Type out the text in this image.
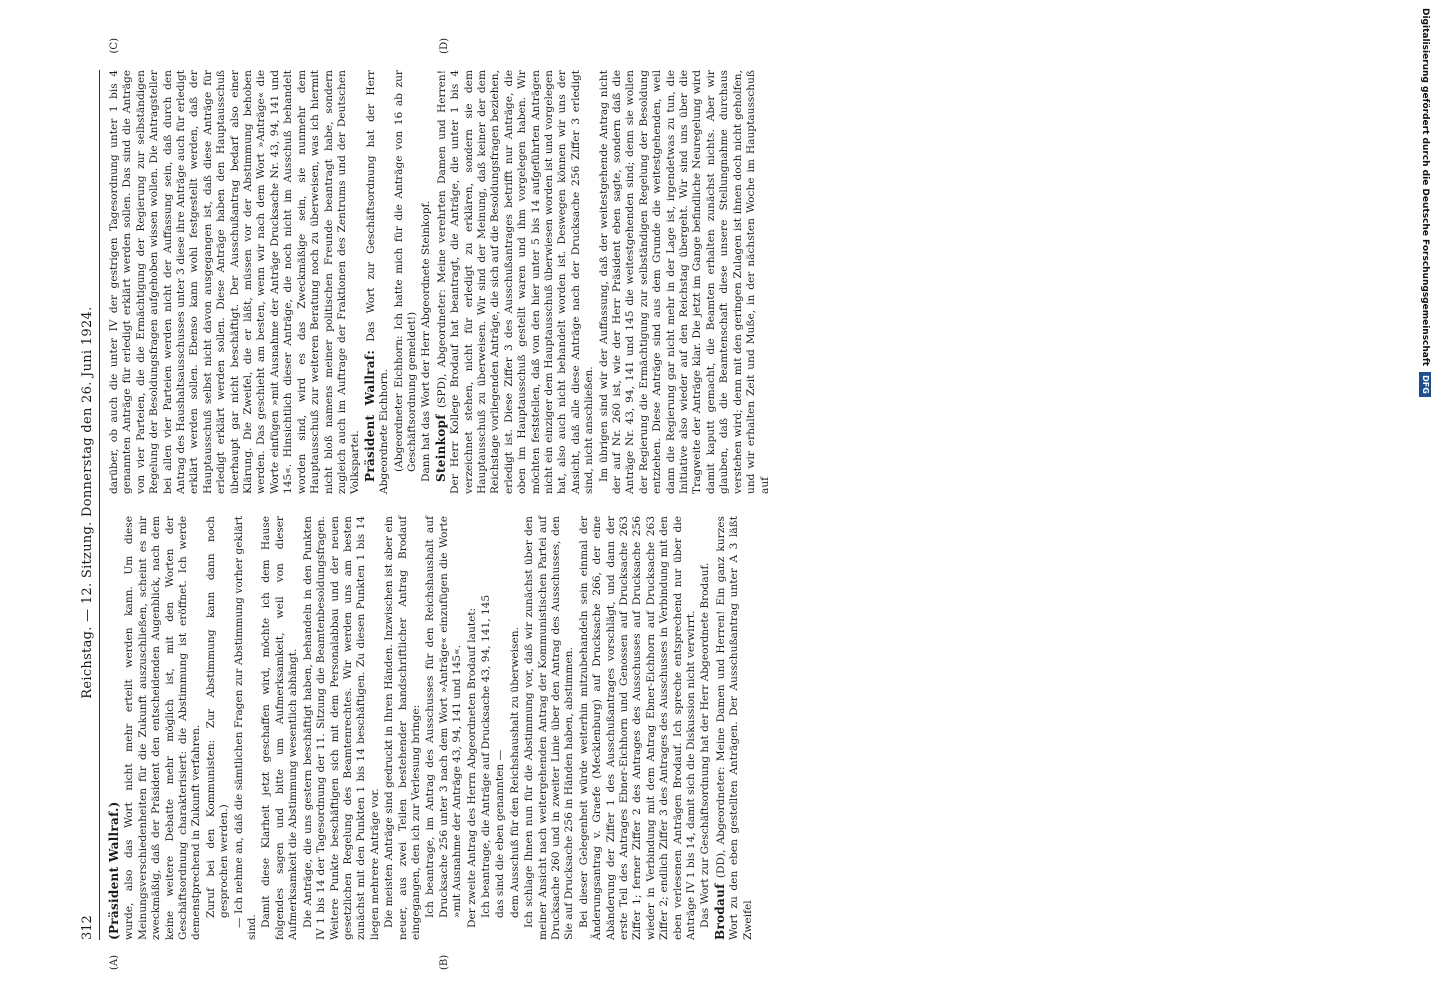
312
Reichstag. — 12. Sitzung. Donnerstag den 26. Juni 1924.
(A)	(B)

(Präsident Wallraf.) wurde, also das Wort nicht mehr erteilt werden kann. Um diese Meinungsverschiedenheiten für die Zukunft auszuschließen, scheint es mir zweckmäßig, daß der Präsident den entscheidenden Augenblick, nach dem keine weitere Debatte mehr möglich ist, mit den Worten der Geschäftsordnung charakterisiert: die Abstimmung ist eröffnet. Ich werde demenstprechend in Zukunft verfahren. Zuruf bei den Kommunisten: Zur Abstimmung kann dann noch gesprochen werden.) — Ich nehme an, daß die sämtlichen Fragen zur Abstimmung vorher geklärt sind. Damit diese Klarheit jetzt geschaffen wird, möchte ich dem Hause folgendes sagen und bitte um Aufmerksamkeit, weil von dieser Aufmerksamkeit die Abstimmung wesentlich abhängt. Die Anträge, die uns gestern beschäftigt haben, behandeln in den Punkten IV 1 bis 14 der Tagesordnung der 11. Sitzung die Beamtenbesoldungsfragen. Weitere Punkte beschäftigen sich mit dem Personalabbau und der neuen gesetzlichen Regelung des Beamtenrechtes. Wir werden uns am besten zunächst mit den Punkten 1 bis 14 beschäftigen. Zu diesen Punkten 1 bis 14 liegen mehrere Anträge vor. Die meisten Anträge sind gedruckt in Ihren Händen. Inzwischen ist aber ein neuer, aus zwei Teilen bestehender handschriftlicher Antrag Brodauf eingegangen, den ich zur Verlesung bringe: Ich beantrage, im Antrag des Ausschusses für den Reichshaushalt auf Drucksache 256 unter 3 nach dem Wort »Anträge« einzufügen die Worte »mit Ausnahme der Anträge 43, 94, 141 und 145«. Der zweite Antrag des Herrn Abgeordneten Brodauf lautet: Ich beantrage, die Anträge auf Drucksache 43, 94, 141, 145 das sind die eben genannten — dem Ausschuß für den Reichshaushalt zu überweisen. Ich schlage Ihnen nun für die Abstimmung vor, daß wir zunächst über den meiner Ansicht nach weitergehenden Antrag der Kommunistischen Partei auf Drucksache 260 und in zweiter Linie über den Antrag des Ausschusses, den Sie auf Drucksache 256 in Händen haben, abstimmen. Bei dieser Gelegenheit würde weiterhin mitzubehandeln sein einmal der Änderungsantrag v. Graefe (Mecklenburg) auf Drucksache 266, der eine Abänderung der Ziffer 1 des Ausschußantrages vorschlägt, und dann der erste Teil des Antrages Ebner-Eichhorn und Genossen auf Drucksache 263 Ziffer 1; ferner Ziffer 2 des Antrages des Ausschusses auf Drucksache 256 wieder in Verbindung mit dem Antrag Ebner-Eichhorn auf Drucksache 263 Ziffer 2; endlich Ziffer 3 des Antrages des Ausschusses in Verbindung mit den eben verlesenen Anträgen Brodauf. Ich spreche entsprechend nur über die Anträge IV 1 bis 14, damit sich die Diskussion nicht verwirrt. Das Wort zur Geschäftsordnung hat der Herr Abgeordnete Brodauf. Brodauf (DD), Abgeordneter: Meine Damen und Herren! Ein ganz kurzes Wort zu den eben gestellten Anträgen. Der Ausschußantrag unter A 3 läßt Zweifel

(C)	(D)

darüber, ob auch die unter IV der gestrigen Tagesordnung unter 1 bis 4 genannten Anträge für erledigt erklärt werden sollen. Das sind die Anträge von vier Parteien, die die Ermächtigung der Regierung zur selbständigen Regelung der Besoldungsfragen aufgehoben wissen wollen. Die Antragsteller bei allen vier Parteien werden nicht der Auffassung sein, daß durch den Antrag des Haushaltsausschusses unter 3 diese ihre Anträge auch für erledigt erklärt werden sollen. Ebenso kann wohl festgestellt werden, daß der Hauptausschuß selbst nicht davon ausgegangen ist, daß diese Anträge für erledigt erklärt werden sollen. Diese Anträge haben den Hauptausschuß überhaupt gar nicht beschäftigt. Der Ausschußantrag bedarf also einer Klärung. Die Zweifel, die er läßt, müssen vor der Abstimmung behoben werden. Das geschieht am besten, wenn wir nach dem Wort »Anträge« die Worte einfügen »mit Ausnahme der Anträge Drucksache Nr. 43, 94, 141 und 145«. Hinsichtlich dieser Anträge, die noch nicht im Ausschuß behandelt worden sind, wird es das Zweckmäßige sein, sie nunmehr dem Hauptausschuß zur weiteren Beratung noch zu überweisen, was ich hiermit nicht bloß namens meiner politischen Freunde beantragt habe, sondern zugleich auch im Auftrage der Fraktionen des Zentrums und der Deutschen Volkspartei. Präsident Wallraf: Das Wort zur Geschäftsordnung hat der Herr Abgeordnete Eichhorn. (Abgeordneter Eichhorn: Ich hatte mich für die Anträge von 16 ab zur Geschäftsordnung gemeldet!) Dann hat das Wort der Herr Abgeordnete Steinkopf. Steinkopf (SPD), Abgeordneter: Meine verehrten Damen und Herren! Der Herr Kollege Brodauf hat beantragt, die Anträge, die unter 1 bis 4 verzeichnet stehen, nicht für erledigt zu erklären, sondern sie dem Hauptausschuß zu überweisen. Wir sind der Meinung, daß keiner der dem Reichstage vorliegenden Anträge, die sich auf die Besoldungsfragen beziehen, erledigt ist. Diese Ziffer 3 des Ausschußantrages betrifft nur Anträge, die oben im Hauptausschuß gestellt waren und ihm vorgelegen haben. Wir möchten feststellen, daß von den hier unter 5 bis 14 aufgeführten Anträgen nicht ein einziger dem Hauptausschuß überwiesen worden ist und vorgelegen hat, also auch nicht behandelt worden ist. Deswegen können wir uns der Ansicht, daß alle diese Anträge nach der Drucksache 256 Ziffer 3 erledigt sind, nicht anschließen. Im übrigen sind wir der Auffassung, daß der weitestgehende Antrag nicht der auf Nr. 260 ist, wie der Herr Präsident eben sagte, sondern daß die Anträge Nr. 43, 94, 141 und 145 die weitestgehenden sind; denn sie wollen der Regierung die Ermächtigung zur selbständigen Regelung der Besoldung entziehen. Diese Anträge sind aus dem Grunde die weitestgehenden, weil dann die Regierung gar nicht mehr in der Lage ist, irgendetwas zu tun, die Initiative also wieder auf den Reichstag übergeht. Wir sind uns über die Tragweite der Anträge klar. Die jetzt im Gange befindliche Neuregelung wird damit kaputt gemacht, die Beamten erhalten zunächst nichts. Aber wir glauben, daß die Beamtenschaft diese unsere Stellungnahme durchaus verstehen wird; denn mit den geringen Zulagen ist ihnen doch nicht geholfen, und wir erhalten Zeit und Muße, in der nächsten Woche im Hauptausschuß auf

Digitalisierung gefördert durch die Deutsche Forschungsgemeinschaft
DFG
